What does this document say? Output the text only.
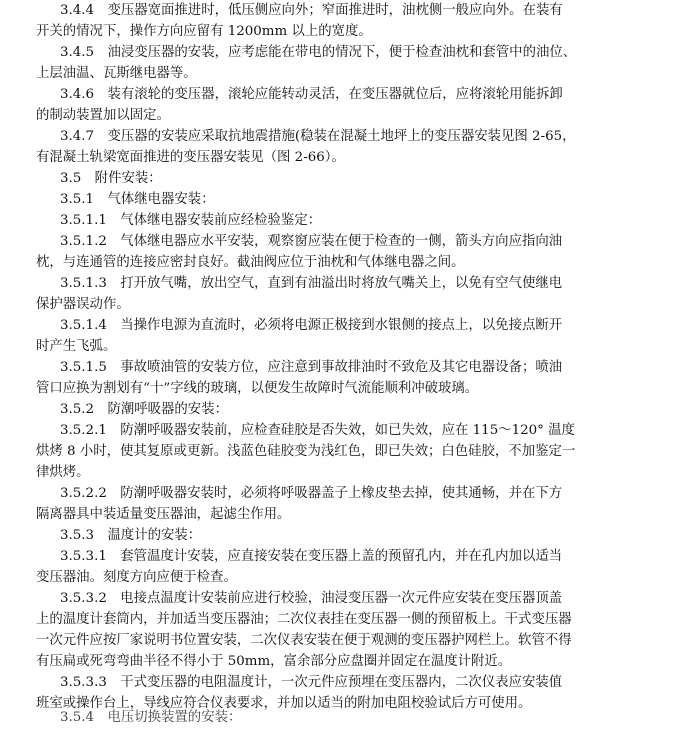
3.4.4　变压器宽面推进时，低压侧应向外；窄面推进时，油枕侧一般应向外。在装有
开关的情况下，操作方向应留有 1200mm 以上的宽度。
3.4.5　油浸变压器的安装，应考虑能在带电的情况下，便于检查油枕和套管中的油位、
上层油温、瓦斯继电器等。
3.4.6　装有滚轮的变压器，滚轮应能转动灵活，在变压器就位后，应将滚轮用能拆卸
的制动装置加以固定。
3.4.7　变压器的安装应采取抗地震措施(稳装在混凝土地坪上的变压器安装见图 2-65，
有混凝土轨梁宽面推进的变压器安装见（图 2-66）。
3.5　附件安装：
3.5.1　气体继电器安装：
3.5.1.1　气体继电器安装前应经检验鉴定：
3.5.1.2　气体继电器应水平安装，观察窗应装在便于检查的一侧，箭头方向应指向油
枕，与连通管的连接应密封良好。截油阀应位于油枕和气体继电器之间。
3.5.1.3　打开放气嘴，放出空气，直到有油溢出时将放气嘴关上，以免有空气使继电
保护器误动作。
3.5.1.4　当操作电源为直流时，必须将电源正极接到水银侧的接点上，以免接点断开
时产生飞弧。
3.5.1.5　事故喷油管的安装方位，应注意到事故排油时不致危及其它电器设备；喷油
管口应换为割划有“十”字线的玻璃，以便发生故障时气流能顺利冲破玻璃。
3.5.2　防潮呼吸器的安装：
3.5.2.1　防潮呼吸器安装前，应检查硅胶是否失效，如已失效，应在 115～120° 温度
烘烤 8 小时，使其复原或更新。浅蓝色硅胶变为浅红色，即已失效；白色硅胶，不加鉴定一
律烘烤。
3.5.2.2　防潮呼吸器安装时，必须将呼吸器盖子上橡皮垫去掉，使其通畅，并在下方
隔离器具中装适量变压器油，起滤尘作用。
3.5.3　温度计的安装：
3.5.3.1　套管温度计安装，应直接安装在变压器上盖的预留孔内，并在孔内加以适当
变压器油。刻度方向应便于检查。
3.5.3.2　电接点温度计安装前应进行校验，油浸变压器一次元件应安装在变压器顶盖
上的温度计套筒内，并加适当变压器油；二次仪表挂在变压器一侧的预留板上。干式变压器
一次元件应按厂家说明书位置安装，二次仪表安装在便于观测的变压器护网栏上。软管不得
有压扁或死弯弯曲半径不得小于 50mm，富余部分应盘圈并固定在温度计附近。
3.5.3.3　干式变压器的电阻温度计，一次元件应预埋在变压器内，二次仪表应安装值
班室或操作台上，导线应符合仪表要求，并加以适当的附加电阻校验试后方可使用。
3.5.4　电压切换装置的安装：
